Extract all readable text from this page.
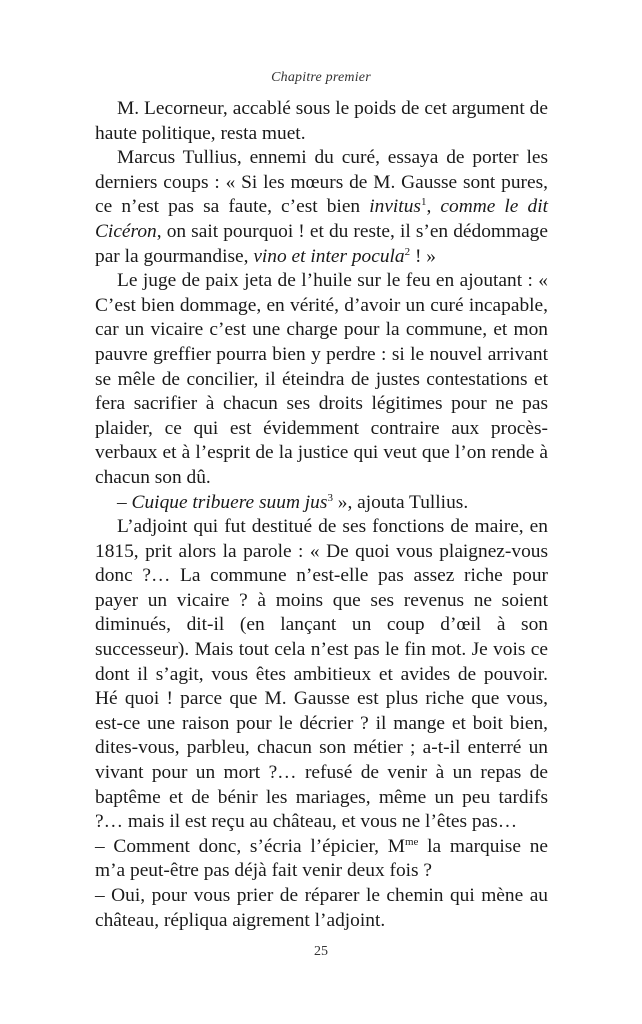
Chapitre premier

M. Lecorneur, accablé sous le poids de cet argument de haute politique, resta muet.

Marcus Tullius, ennemi du curé, essaya de porter les derniers coups : « Si les mœurs de M. Gausse sont pures, ce n’est pas sa faute, c’est bien invitus$^1$, comme le dit Cicéron, on sait pourquoi ! et du reste, il s’en dédommage par la gourmandise, vino et inter pocula$^2$ ! »

Le juge de paix jeta de l’huile sur le feu en ajoutant : « C’est bien dommage, en vérité, d’avoir un curé incapable, car un vicaire c’est une charge pour la commune, et mon pauvre greffier pourra bien y perdre : si le nouvel arrivant se mêle de concilier, il éteindra de justes contestations et fera sacrifier à chacun ses droits légitimes pour ne pas plaider, ce qui est évidemment contraire aux procès-verbaux et à l’esprit de la justice qui veut que l’on rende à chacun son dû.

– Cuique tribuere suum jus$^3$ », ajouta Tullius.

L’adjoint qui fut destitué de ses fonctions de maire, en 1815, prit alors la parole : « De quoi vous plaignez-vous donc ?… La commune n’est-elle pas assez riche pour payer un vicaire ? à moins que ses revenus ne soient diminués, dit-il (en lançant un coup d’œil à son successeur). Mais tout cela n’est pas le fin mot. Je vois ce dont il s’agit, vous êtes ambitieux et avides de pouvoir. Hé quoi ! parce que M. Gausse est plus riche que vous, est-ce une raison pour le décrier ? il mange et boit bien, dites-vous, parbleu, chacun son métier ; a-t-il enterré un vivant pour un mort ?… refusé de venir à un repas de baptême et de bénir les mariages, même un peu tardifs ?… mais il est reçu au château, et vous ne l’êtes pas…

– Comment donc, s’écria l’épicier, $M^{me}$ la marquise ne m’a peut-être pas déjà fait venir deux fois ?

– Oui, pour vous prier de réparer le chemin qui mène au château, répliqua aigrement l’adjoint.

25
